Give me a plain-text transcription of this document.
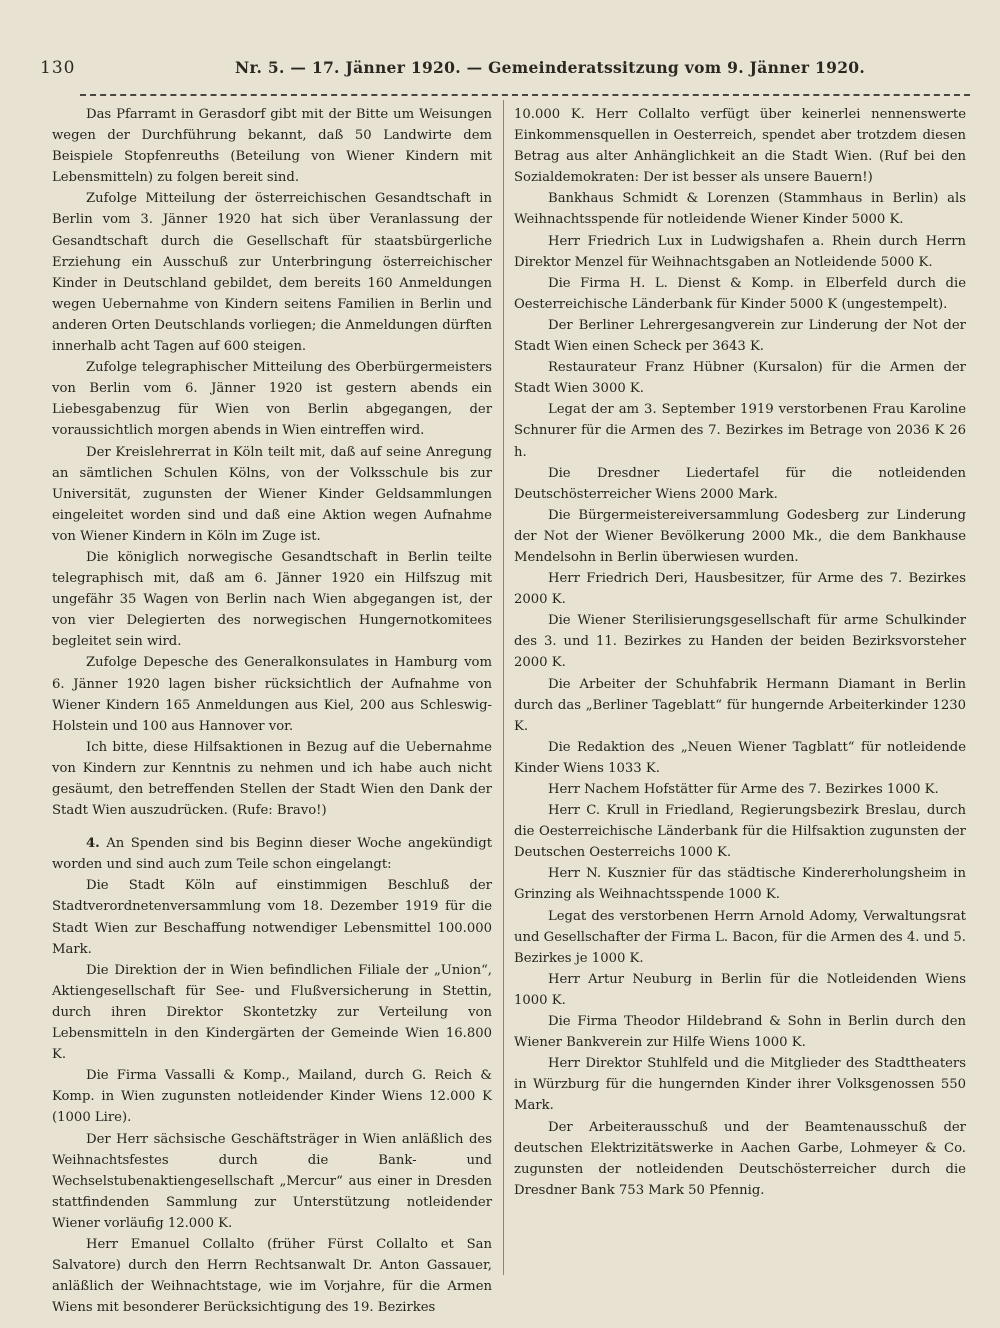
130	Nr. 5. — 17. Jänner 1920. — Gemeinderatssitzung vom 9. Jänner 1920.

Das Pfarramt in Gerasdorf gibt mit der Bitte um Weisungen wegen der Durchführung bekannt, daß 50 Landwirte dem Beispiele Stopfenreuths (Beteilung von Wiener Kindern mit Lebensmitteln) zu folgen bereit sind.

Zufolge Mitteilung der österreichischen Gesandtschaft in Berlin vom 3. Jänner 1920 hat sich über Veranlassung der Gesandtschaft durch die Gesellschaft für staatsbürgerliche Erziehung ein Ausschuß zur Unterbringung österreichischer Kinder in Deutschland gebildet, dem bereits 160 Anmeldungen wegen Uebernahme von Kindern seitens Familien in Berlin und anderen Orten Deutschlands vorliegen; die Anmeldungen dürften innerhalb acht Tagen auf 600 steigen.

Zufolge telegraphischer Mitteilung des Oberbürgermeisters von Berlin vom 6. Jänner 1920 ist gestern abends ein Liebesgabenzug für Wien von Berlin abgegangen, der voraussichtlich morgen abends in Wien eintreffen wird.

Der Kreislehrerrat in Köln teilt mit, daß auf seine Anregung an sämtlichen Schulen Kölns, von der Volksschule bis zur Universität, zugunsten der Wiener Kinder Geldsammlungen eingeleitet worden sind und daß eine Aktion wegen Aufnahme von Wiener Kindern in Köln im Zuge ist.

Die königlich norwegische Gesandtschaft in Berlin teilte telegraphisch mit, daß am 6. Jänner 1920 ein Hilfszug mit ungefähr 35 Wagen von Berlin nach Wien abgegangen ist, der von vier Delegierten des norwegischen Hungernotkomitees begleitet sein wird.

Zufolge Depesche des Generalkonsulates in Hamburg vom 6. Jänner 1920 lagen bisher rücksichtlich der Aufnahme von Wiener Kindern 165 Anmeldungen aus Kiel, 200 aus Schleswig-Holstein und 100 aus Hannover vor.

Ich bitte, diese Hilfsaktionen in Bezug auf die Uebernahme von Kindern zur Kenntnis zu nehmen und ich habe auch nicht gesäumt, den betreffenden Stellen der Stadt Wien den Dank der Stadt Wien auszudrücken. (Rufe: Bravo!)

4. An Spenden sind bis Beginn dieser Woche angekündigt worden und sind auch zum Teile schon eingelangt:

Die Stadt Köln auf einstimmigen Beschluß der Stadtverordnetenversammlung vom 18. Dezember 1919 für die Stadt Wien zur Beschaffung notwendiger Lebensmittel 100.000 Mark.

Die Direktion der in Wien befindlichen Filiale der „Union“, Aktiengesellschaft für See- und Flußversicherung in Stettin, durch ihren Direktor Skontetzky zur Verteilung von Lebensmitteln in den Kindergärten der Gemeinde Wien 16.800 K.

Die Firma Vassalli & Komp., Mailand, durch G. Reich & Komp. in Wien zugunsten notleidender Kinder Wiens 12.000 K (1000 Lire).

Der Herr sächsische Geschäftsträger in Wien anläßlich des Weihnachtsfestes durch die Bank- und Wechselstubenaktiengesellschaft „Mercur“ aus einer in Dresden stattfindenden Sammlung zur Unterstützung notleidender Wiener vorläufig 12.000 K.

Herr Emanuel Collalto (früher Fürst Collalto et San Salvatore) durch den Herrn Rechtsanwalt Dr. Anton Gassauer, anläßlich der Weihnachtstage, wie im Vorjahre, für die Armen Wiens mit besonderer Berücksichtigung des 19. Bezirkes

10.000 K. Herr Collalto verfügt über keinerlei nennenswerte Einkommensquellen in Oesterreich, spendet aber trotzdem diesen Betrag aus alter Anhänglichkeit an die Stadt Wien. (Ruf bei den Sozialdemokraten: Der ist besser als unsere Bauern!)

Bankhaus Schmidt & Lorenzen (Stammhaus in Berlin) als Weihnachtsspende für notleidende Wiener Kinder 5000 K.

Herr Friedrich Lux in Ludwigshafen a. Rhein durch Herrn Direktor Menzel für Weihnachtsgaben an Notleidende 5000 K.

Die Firma H. L. Dienst & Komp. in Elberfeld durch die Oesterreichische Länderbank für Kinder 5000 K (ungestempelt).

Der Berliner Lehrergesangverein zur Linderung der Not der Stadt Wien einen Scheck per 3643 K.

Restaurateur Franz Hübner (Kursalon) für die Armen der Stadt Wien 3000 K.

Legat der am 3. September 1919 verstorbenen Frau Karoline Schnurer für die Armen des 7. Bezirkes im Betrage von 2036 K 26 h.

Die Dresdner Liedertafel für die notleidenden Deutschösterreicher Wiens 2000 Mark.

Die Bürgermeistereiversammlung Godesberg zur Linderung der Not der Wiener Bevölkerung 2000 Mk., die dem Bankhause Mendelsohn in Berlin überwiesen wurden.

Herr Friedrich Deri, Hausbesitzer, für Arme des 7. Bezirkes 2000 K.

Die Wiener Sterilisierungsgesellschaft für arme Schulkinder des 3. und 11. Bezirkes zu Handen der beiden Bezirksvorsteher 2000 K.

Die Arbeiter der Schuhfabrik Hermann Diamant in Berlin durch das „Berliner Tageblatt“ für hungernde Arbeiterkinder 1230 K.

Die Redaktion des „Neuen Wiener Tagblatt“ für notleidende Kinder Wiens 1033 K.

Herr Nachem Hofstätter für Arme des 7. Bezirkes 1000 K.

Herr C. Krull in Friedland, Regierungsbezirk Breslau, durch die Oesterreichische Länderbank für die Hilfsaktion zugunsten der Deutschen Oesterreichs 1000 K.

Herr N. Kusznier für das städtische Kindererholungsheim in Grinzing als Weihnachtsspende 1000 K.

Legat des verstorbenen Herrn Arnold Adomy, Verwaltungsrat und Gesellschafter der Firma L. Bacon, für die Armen des 4. und 5. Bezirkes je 1000 K.

Herr Artur Neuburg in Berlin für die Notleidenden Wiens 1000 K.

Die Firma Theodor Hildebrand & Sohn in Berlin durch den Wiener Bankverein zur Hilfe Wiens 1000 K.

Herr Direktor Stuhlfeld und die Mitglieder des Stadttheaters in Würzburg für die hungernden Kinder ihrer Volksgenossen 550 Mark.

Der Arbeiterausschuß und der Beamtenausschuß der deutschen Elektrizitätswerke in Aachen Garbe, Lohmeyer & Co. zugunsten der notleidenden Deutschösterreicher durch die Dresdner Bank 753 Mark 50 Pfennig.
